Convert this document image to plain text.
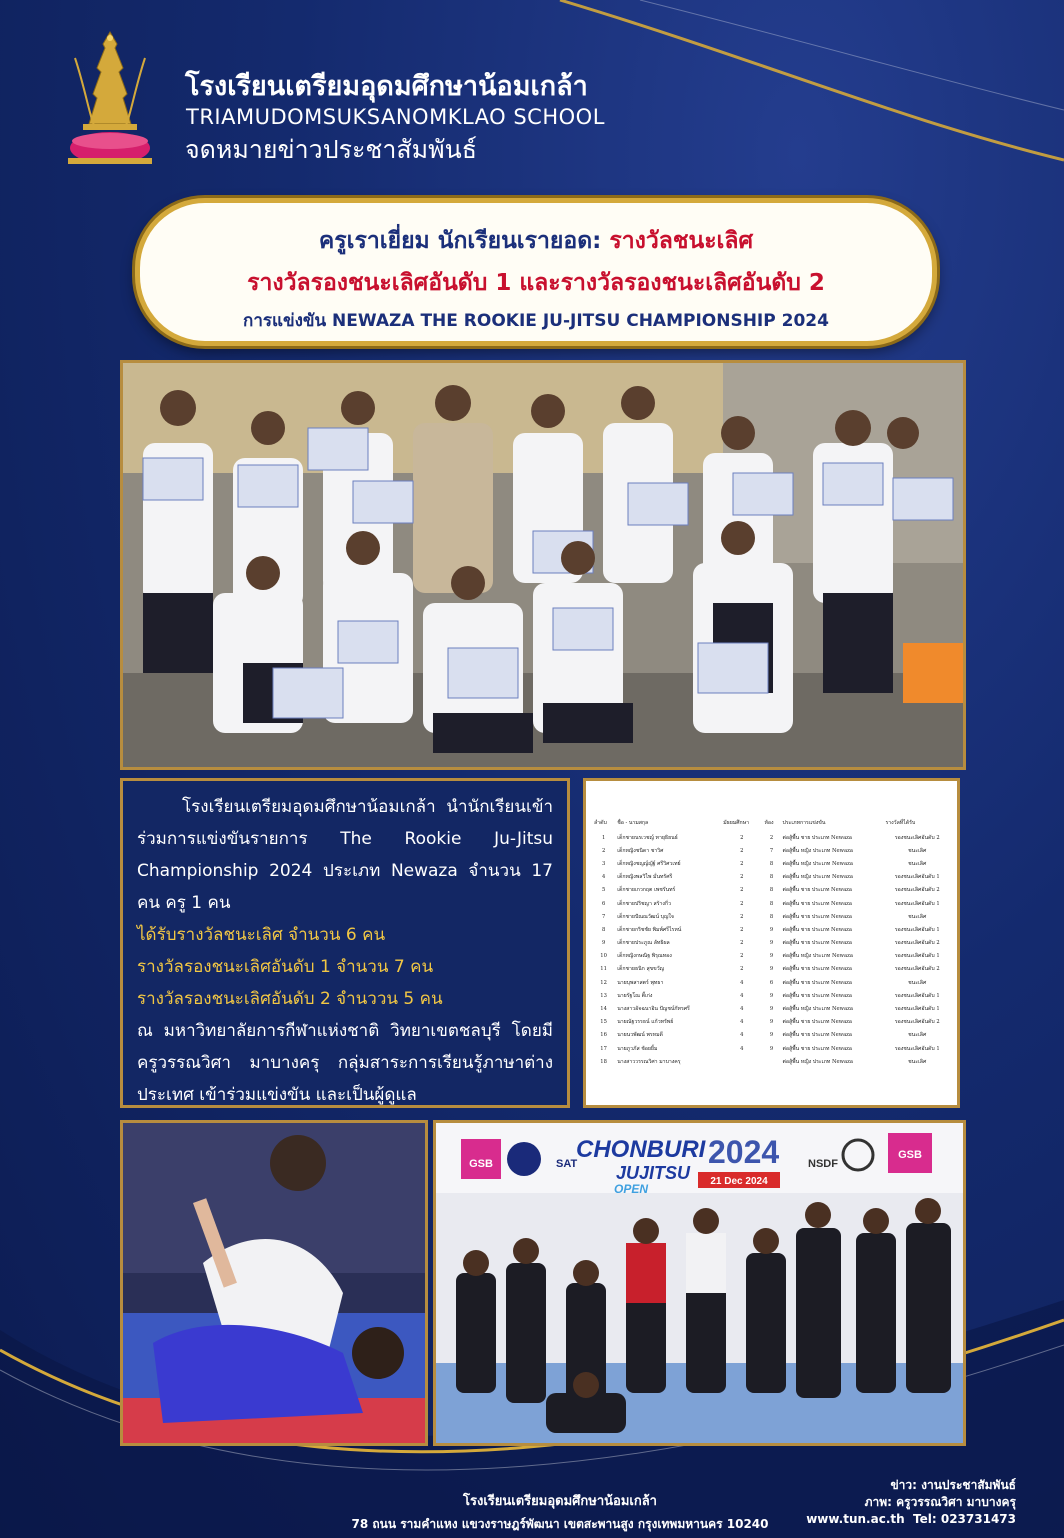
โรงเรียนเตรียมอุดมศึกษาน้อมเกล้า
TRIAMUDOMSUKSANOMKLAO SCHOOL
จดหมายข่าวประชาสัมพันธ์
ครูเราเยี่ยม นักเรียนเรายอด: รางวัลชนะเลิศ
รางวัลรองชนะเลิศอันดับ 1 และรางวัลรองชนะเลิศอันดับ 2
การแข่งขัน NEWAZA THE ROOKIE JU-JITSU CHAMPIONSHIP 2024

โรงเรียนเตรียมอุดมศึกษาน้อมเกล้า นำนักเรียนเข้าร่วมการแข่งขันรายการ The Rookie Ju-Jitsu Championship 2024 ประเภท Newaza จำนวน 17 คน ครู 1 คน

ได้รับรางวัลชนะเลิศ จำนวน 6 คน

รางวัลรองชนะเลิศอันดับ 1 จำนวน 7 คน

รางวัลรองชนะเลิศอันดับ 2 จำนววน 5 คน

ณ มหาวิทยาลัยการกีฬาแห่งชาติ วิทยาเขตชลบุรี โดยมีครูวรรณวิศา มาบางครุ กลุ่มสาระการเรียนรู้ภาษาต่างประเทศ เข้าร่วมแข่งขัน และเป็นผู้ดูแล

ลำดับ	ชื่อ - นามสกุล	มัธยมศึกษา	ห้อง	ประเภทการแข่งขัน	รางวัลที่ได้รับ
1	เด็กชายนรเวชญ์ ทายุธิยนธ์	2	2	ต่อสู้พื้น ชาย ประเภท Newaza	รองชนะเลิศอันดับ 2
2	เด็กหญิงชนิดา ชาวิศ	2	7	ต่อสู้พื้น หญิง ประเภท Newaza	ชนะเลิศ
3	เด็กหญิงชญญ์ญัฐ์ ศรีวิศวเทย์	2	8	ต่อสู้พื้น หญิง ประเภท Newaza	ชนะเลิศ
4	เด็กหญิงพลวิไพ มั่นทรัศรี	2	8	ต่อสู้พื้น หญิง ประเภท Newaza	รองชนะเลิศอันดับ 1
5	เด็กชายเกวกฤต เพชรันทร์	2	8	ต่อสู้พื้น ชาย ประเภท Newaza	รองชนะเลิศอันดับ 2
6	เด็กชายปริชญา สร้างกิ่ว	2	8	ต่อสู้พื้น ชาย ประเภท Newaza	รองชนะเลิศอันดับ 1
7	เด็กชายปัณณวัฒน์ บุญใจ	2	8	ต่อสู้พื้น ชาย ประเภท Newaza	ชนะเลิศ
8	เด็กชายกริชชัย พิมพ์ศรีไรหน์	2	9	ต่อสู้พื้น ชาย ประเภท Newaza	รองชนะเลิศอันดับ 1
9	เด็กชายประภูณ ลัทธิผล	2	9	ต่อสู้พื้น ชาย ประเภท Newaza	รองชนะเลิศอันดับ 2
10	เด็กหญิงกษณิฐ พิรุณทอง	2	9	ต่อสู้พื้น หญิง ประเภท Newaza	รองชนะเลิศอันดับ 1
11	เด็กชายธนิก สุขขวัญ	2	9	ต่อสู้พื้น ชาย ประเภท Newaza	รองชนะเลิศอันดับ 2
12	นายบุพสาสตร์ พุทธา	4	6	ต่อสู้พื้น ชาย ประเภท Newaza	ชนะเลิศ
13	นายรัฐโณ ตี้เก่ง	4	9	ต่อสู้พื้น ชาย ประเภท Newaza	รองชนะเลิศอันดับ 1
14	นางสาวอัจฉนาอิน ปัญชน์กัทรศรี	4	9	ต่อสู้พื้น หญิง ประเภท Newaza	รองชนะเลิศอันดับ 1
15	นายณัฐวรรธน์ แก้วทรัพย์	4	9	ต่อสู้พื้น ชาย ประเภท Newaza	รองชนะเลิศอันดับ 2
16	นายนวพัฒน์ พรหมดี	4	9	ต่อสู้พื้น ชาย ประเภท Newaza	ชนะเลิศ
17	นายภูวภัส ช้อยยิ้ม	4	9	ต่อสู้พื้น ชาย ประเภท Newaza	รองชนะเลิศอันดับ 1
18	นางสาววรรณวิศา มาบางครุ			ต่อสู้พื้น หญิง ประเภท Newaza	ชนะเลิศ
GSB	SAT
CHONBURI 2024
JUJITSU
OPEN
21 Dec 2024
NSDF
GSB
โรงเรียนเตรียมอุดมศึกษาน้อมเกล้า
78 ถนน รามคำแหง แขวงราษฎร์พัฒนา เขตสะพานสูง กรุงเทพมหานคร 10240
ข่าว: งานประชาสัมพันธ์
ภาพ: ครูวรรณวิศา มาบางครุ
www.tun.ac.th Tel: 023731473
